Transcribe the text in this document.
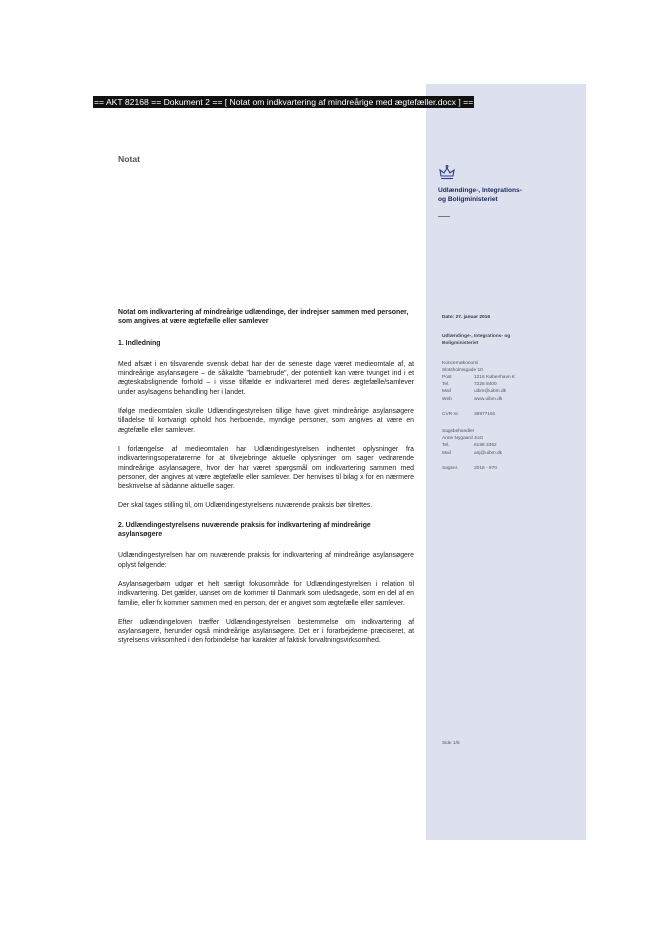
== AKT 82168 == Dokument 2 == [ Notat om indkvartering af mindreårige med ægtefæller.docx ] ==
Notat
Udlændinge-, Integrations-
og Boligministeriet
Notat om indkvartering af mindreårige udlændinge, der indrejser sammen med personer, som angives at være ægtefælle eller samlever
1. Indledning

Med afsæt i en tilsvarende svensk debat har der de seneste dage været medieomtale af, at mindreårige asylansøgere – de såkaldte "barnebrude", der potentielt kan være tvunget ind i et ægteskabslignende forhold – i visse tilfælde er indkvarteret med deres ægtefælle/samlever under asylsagens behandling her i landet.

Ifølge medieomtalen skulle Udlændingestyrelsen tillige have givet mindreårige asylansøgere tilladelse til kortvarigt ophold hos herboende, myndige personer, som angives at være en ægtefælle eller samlever.

I forlængelse af medieomtalen har Udlændingestyrelsen indhentet oplysninger fra indkvarteringsoperatørerne for at tilvejebringe aktuelle oplysninger om sager vedrørende mindreårige asylansøgere, hvor der har været spørgsmål om indkvartering sammen med personer, der angives at være ægtefælle eller samlever. Der henvises til bilag x for en nærmere beskrivelse af sådanne aktuelle sager.

Der skal tages stilling til, om Udlændingestyrelsens nuværende praksis bør tilrettes.

2. Udlændingestyrelsens nuværende praksis for indkvartering af mindreårige asylansøgere

Udlændingestyrelsen har om nuværende praksis for indkvartering af mindreårige asylansøgere oplyst følgende:

Asylansøgerbørn udgør et helt særligt fokusområde for Udlændingestyrelsen i relation til indkvartering. Det gælder, uanset om de kommer til Danmark som uledsagede, som en del af en familie, eller fx kommer sammen med en person, der er angivet som ægtefælle eller samlever.

Efter udlændingeloven træffer Udlændingestyrelsen bestemmelse om indkvartering af asylansøgere, herunder også mindreårige asylansøgere. Det er i forarbejderne præciseret, at styrelsens virksomhed i den forbindelse har karakter af faktisk forvaltningsvirksomhed.

Dato: 27. januar 2016
Udlændinge-, Integrations- og
Boligministeriet
Koncernøkonomi
Slotsholmsgade 10
Post	1216 København K
Tel.	7226 8400
Mail	uibm@uibm.dk
Web	www.uibm.dk
CVR-nr.	36977191
Sagsbehandler
Anne Nygaard Just
Tel.	6198 3362
Mail	anj@uibm.dk
Sagsnr.	2016 - 970
Side 1/5
